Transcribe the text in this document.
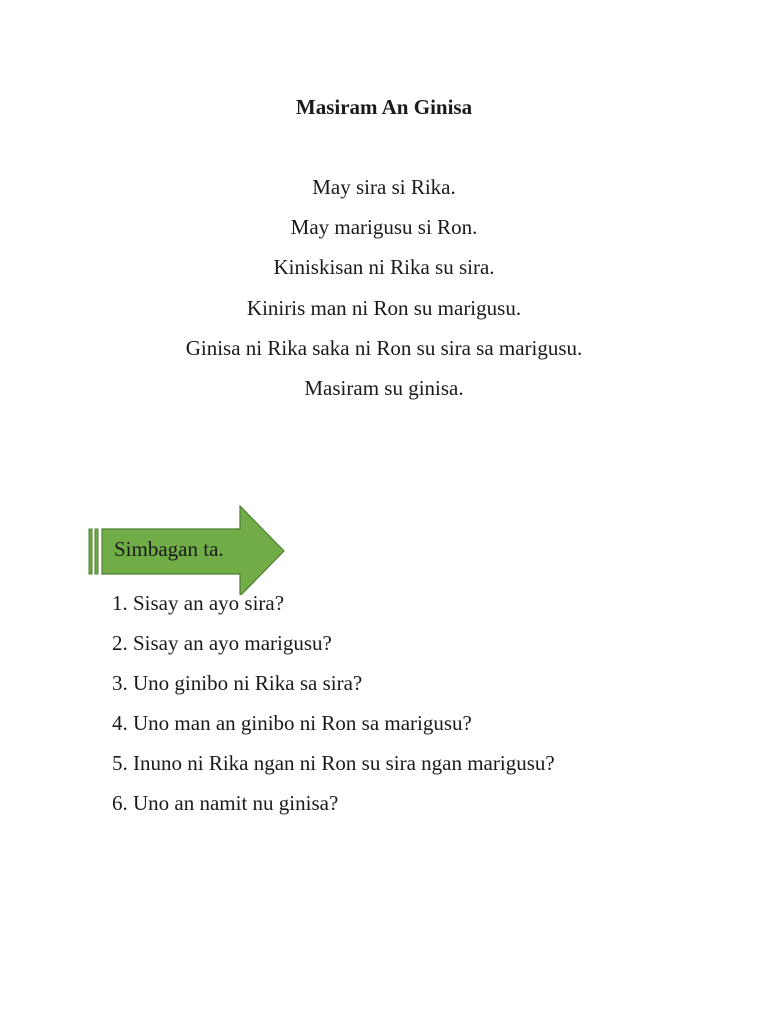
Masiram An Ginisa
May sira si Rika.
May marigusu si Ron.
Kiniskisan ni Rika su sira.
Kiniris man ni Ron su marigusu.
Ginisa ni Rika saka ni Ron su sira sa marigusu.
Masiram su ginisa.
Simbagan ta.
1. Sisay an ayo sira?
2. Sisay an ayo marigusu?
3. Uno ginibo ni Rika sa sira?
4. Uno man an ginibo ni Ron sa marigusu?
5. Inuno ni Rika ngan ni Ron su sira ngan marigusu?
6. Uno an namit nu ginisa?
